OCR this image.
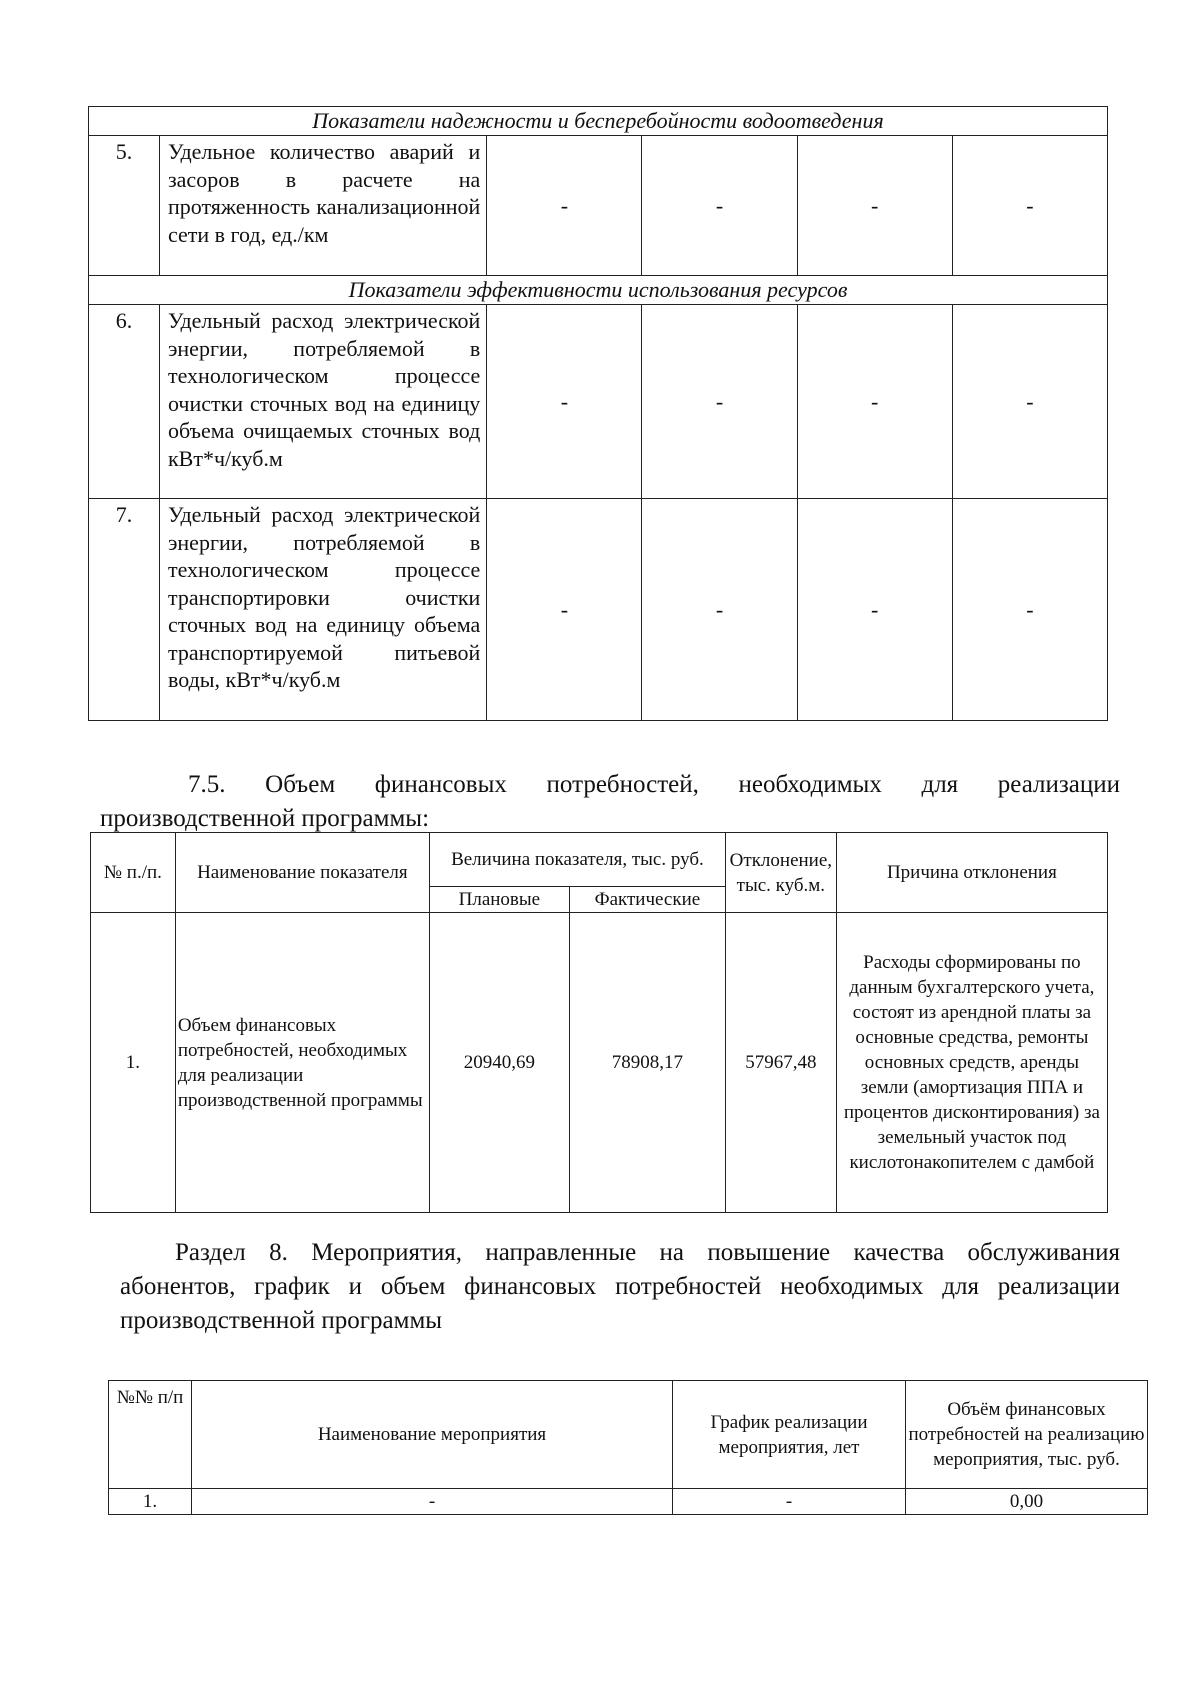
Показатели надежности и бесперебойности водоотведения					
5.	Удельное количество аварий и засоров в расчете на протяженность канализационной сети в год, ед./км	-	-	-	-
Показатели эффективности использования ресурсов					
6.	Удельный расход электрической энергии, потребляемой в технологическом процессе очистки сточных вод на единицу объема очищаемых сточных вод кВт*ч/куб.м	-	-	-	-
7.	Удельный расход электрической энергии, потребляемой в технологическом процессе транспортировки очистки сточных вод на единицу объема транспортируемой питьевой воды, кВт*ч/куб.м	-	-	-	-
7.5. Объем финансовых потребностей, необходимых для реализации производственной программы:
№ п./п.	Наименование показателя	Величина показателя, тыс. руб.		Отклонение, тыс. куб.м.	Причина отклонения
		Плановые	Фактические		
1.	Объем финансовых потребностей, необходимых для реализации производственной программы	20940,69	78908,17	57967,48	Расходы сформированы по данным бухгалтерского учета, состоят из арендной платы за основные средства, ремонты основных средств, аренды земли (амортизация ППА и процентов дисконтирования) за земельный участок под кислотонакопителем с дамбой
Раздел 8. Мероприятия, направленные на повышение качества обслуживания абонентов, график и объем финансовых потребностей необходимых для реализации производственной программы
№№ п/п	Наименование мероприятия	График реализации мероприятия, лет	Объём финансовых потребностей на реализацию мероприятия, тыс. руб.
1.	-	-	0,00
